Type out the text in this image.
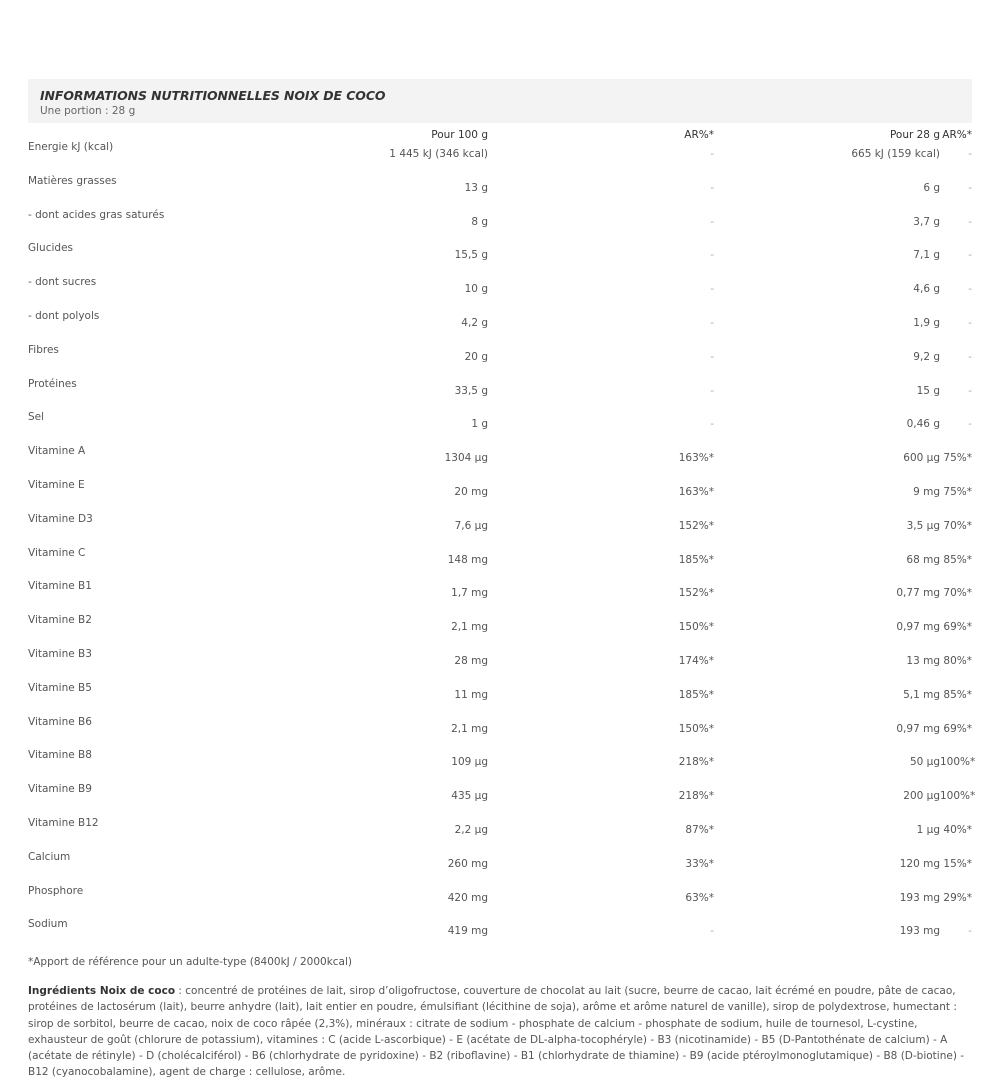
INFORMATIONS NUTRITIONNELLES NOIX DE COCO
Une portion : 28 g
	Pour 100 g	AR%*	Pour 28 g	AR%*
Energie kJ (kcal)	1 445 kJ (346 kcal)	-	665 kJ (159 kcal)	-
Matières grasses	13 g	-	6 g	-
- dont acides gras saturés	8 g	-	3,7 g	-
Glucides	15,5 g	-	7,1 g	-
- dont sucres	10 g	-	4,6 g	-
- dont polyols	4,2 g	-	1,9 g	-
Fibres	20 g	-	9,2 g	-
Protéines	33,5 g	-	15 g	-
Sel	1 g	-	0,46 g	-
Vitamine A	1304 µg	163%*	600 µg	75%*
Vitamine E	20 mg	163%*	9 mg	75%*
Vitamine D3	7,6 µg	152%*	3,5 µg	70%*
Vitamine C	148 mg	185%*	68 mg	85%*
Vitamine B1	1,7 mg	152%*	0,77 mg	70%*
Vitamine B2	2,1 mg	150%*	0,97 mg	69%*
Vitamine B3	28 mg	174%*	13 mg	80%*
Vitamine B5	11 mg	185%*	5,1 mg	85%*
Vitamine B6	2,1 mg	150%*	0,97 mg	69%*
Vitamine B8	109 µg	218%*	50 µg	100%*
Vitamine B9	435 µg	218%*	200 µg	100%*
Vitamine B12	2,2 µg	87%*	1 µg	40%*
Calcium	260 mg	33%*	120 mg	15%*
Phosphore	420 mg	63%*	193 mg	29%*
Sodium	419 mg	-	193 mg	-
*Apport de référence pour un adulte-type (8400kJ / 2000kcal)
Ingrédients Noix de coco : concentré de protéines de lait, sirop d’oligofructose, couverture de chocolat au lait (sucre, beurre de cacao, lait écrémé en poudre, pâte de cacao, protéines de lactosérum (lait), beurre anhydre (lait), lait entier en poudre, émulsifiant (lécithine de soja), arôme et arôme naturel de vanille), sirop de polydextrose, humectant : sirop de sorbitol, beurre de cacao, noix de coco râpée (2,3%), minéraux : citrate de sodium - phosphate de calcium - phosphate de sodium, huile de tournesol, L-cystine, exhausteur de goût (chlorure de potassium), vitamines : C (acide L-ascorbique) - E (acétate de DL-alpha-tocophéryle) - B3 (nicotinamide) - B5 (D-Pantothénate de calcium) - A (acétate de rétinyle) - D (cholécalciférol) - B6 (chlorhydrate de pyridoxine) - B2 (riboflavine) - B1 (chlorhydrate de thiamine) - B9 (acide ptéroylmonoglutamique) - B8 (D-biotine) - B12 (cyanocobalamine), agent de charge : cellulose, arôme.
